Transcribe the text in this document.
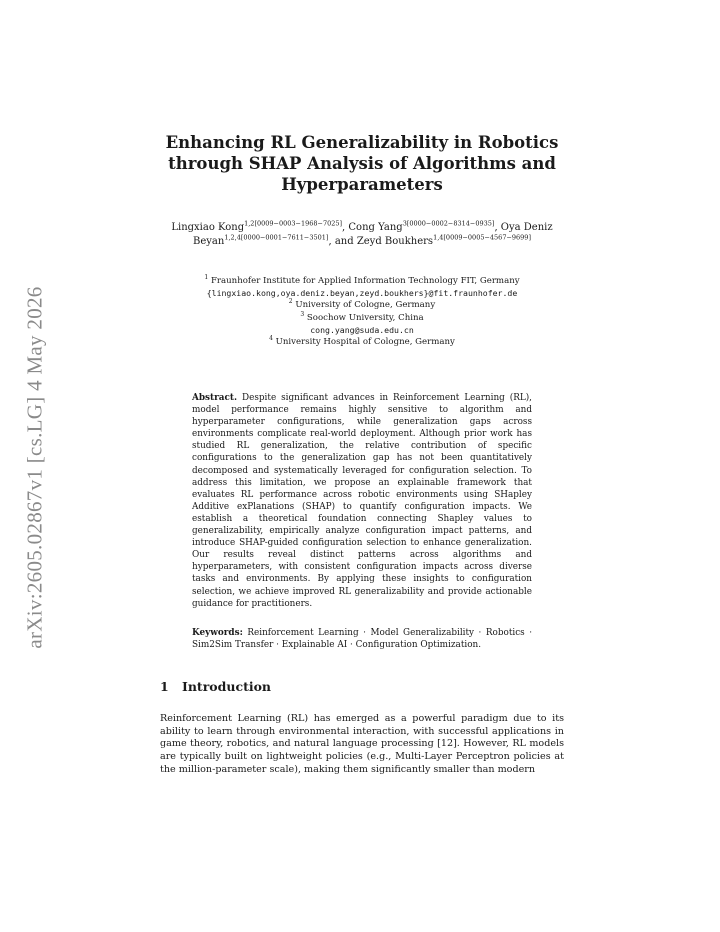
arXiv:2605.02867v1 [cs.LG] 4 May 2026
Enhancing RL Generalizability in Robotics through SHAP Analysis of Algorithms and Hyperparameters
Lingxiao Kong$^{1,2[0009-0003-1968-7025]}$, Cong Yang$^{3[0000-0002-8314-0935]}$, Oya Deniz Beyan$^{1,2,4[0000-0001-7611-3501]}$, and Zeyd Boukhers$^{1,4[0009-0005-4567-9699]}$
$^1$ Fraunhofer Institute for Applied Information Technology FIT, Germany
{lingxiao.kong,oya.deniz.beyan,zeyd.boukhers}@fit.fraunhofer.de
$^2$ University of Cologne, Germany
$^3$ Soochow University, China
cong.yang@suda.edu.cn
$^4$ University Hospital of Cologne, Germany
Abstract. Despite significant advances in Reinforcement Learning (RL), model performance remains highly sensitive to algorithm and hyperparameter configurations, while generalization gaps across environments complicate real-world deployment. Although prior work has studied RL generalization, the relative contribution of specific configurations to the generalization gap has not been quantitatively decomposed and systematically leveraged for configuration selection. To address this limitation, we propose an explainable framework that evaluates RL performance across robotic environments using SHapley Additive exPlanations (SHAP) to quantify configuration impacts. We establish a theoretical foundation connecting Shapley values to generalizability, empirically analyze configuration impact patterns, and introduce SHAP-guided configuration selection to enhance generalization. Our results reveal distinct patterns across algorithms and hyperparameters, with consistent configuration impacts across diverse tasks and environments. By applying these insights to configuration selection, we achieve improved RL generalizability and provide actionable guidance for practitioners.
Keywords: Reinforcement Learning · Model Generalizability · Robotics · Sim2Sim Transfer · Explainable AI · Configuration Optimization.
1 Introduction
Reinforcement Learning (RL) has emerged as a powerful paradigm due to its ability to learn through environmental interaction, with successful applications in game theory, robotics, and natural language processing [12]. However, RL models are typically built on lightweight policies (e.g., Multi-Layer Perceptron policies at the million-parameter scale), making them significantly smaller than modern
